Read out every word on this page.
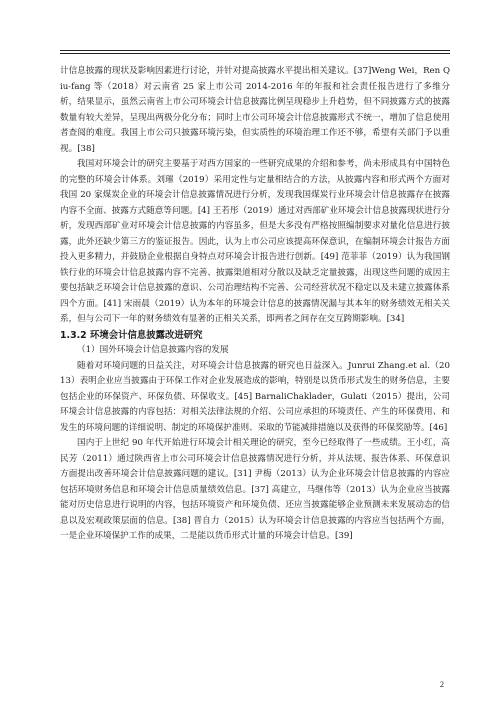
计信息披露的现状及影响因素进行讨论，并针对提高披露水平提出相关建议。[37]Weng Wei，Ren Qiu-fang 等（2018）对云南省 25 家上市公司 2014-2016 年的年报和社会责任报告进行了多维分析，结果显示，虽然云南省上市公司环境会计信息披露比例呈现稳步上升趋势，但不同披露方式的披露数量有较大差异，呈现出两极分化分布；同时上市公司环境会计信息披露形式不统一，增加了信息使用者查阅的难度。我国上市公司只披露环境污染，但实质性的环境治理工作还不够，希望有关部门予以重视。[38]

我国对环境会计的研究主要基于对西方国家的一些研究成果的介绍和参考，尚未形成具有中国特色的完整的环境会计体系。刘璀（2019）采用定性与定量相结合的方法，从披露内容和形式两个方面对我国 20 家煤炭企业的环境会计信息披露情况进行分析，发现我国煤炭行业环境会计信息披露存在披露内容不全面、披露方式随意等问题。[4] 王若彤（2019）通过对西部矿业环境会计信息披露现状进行分析，发现西部矿业对环境会计信息披露的内容虽多，但是大多没有严格按照编制要求对量化信息进行披露，此外还缺少第三方的鉴证报告。因此，认为上市公司应该提高环保意识，在编制环境会计报告方面投入更多精力，并鼓励企业根据自身特点对环境会计报告进行创新。[49] 范菲菲（2019）认为我国钢铁行业的环境会计信息披露内容不完善、披露渠道相对分散以及缺乏定量披露，出现这些问题的成因主要包括缺乏环境会计信息披露的意识、公司治理结构不完善、公司经营状况不稳定以及未建立披露体系四个方面。[41] 宋雨晨（2019）认为本年的环境会计信息的披露情况漏与其本年的财务绩效无相关关系，但与公司下一年的财务绩效有显著的正相关关系，即两者之间存在交互跨期影响。[34]

1.3.2 环境会计信息披露改进研究
（1）国外环境会计信息披露内容的发展

随着对环境问题的日益关注，对环境会计信息披露的研究也日益深入。Junrui Zhang.et al.（2013）表明企业应当披露由于环保工作对企业发展造成的影响，特别是以货币形式发生的财务信息，主要包括企业的环保资产、环保负债、环保收支。[45] BarnaliChaklader，Gulati（2015）提出，公司环境会计信息披露的内容包括：对相关法律法规的介绍、公司应承担的环境责任、产生的环保费用、和发生的环境问题的详细说明、制定的环境保护准则、采取的节能减排措施以及获得的环保奖励等。[46]

国内于上世纪 90 年代开始进行环境会计相关理论的研究，至今已经取得了一些成绩。王小红，高民芳（2011）通过陕西省上市公司环境会计信息披露情况进行分析，并从法规、报告体系、环保意识方面提出改善环境会计信息披露问题的建议。[31] 尹梅（2013）认为企业环境会计信息披露的内容应包括环境财务信息和环境会计信息质量绩效信息。[37] 高建立，马继伟等（2013）认为企业应当披露能对历史信息进行说明的内容，包括环境资产和环境负债、还应当披露能够企业预测未来发展动态的信息以及宏观政策层面的信息。[38] 晋自力（2015）认为环境会计信息披露的内容应当包括两个方面，一是企业环境保护工作的成果，二是能以货币形式计量的环境会计信息。[39]

2
